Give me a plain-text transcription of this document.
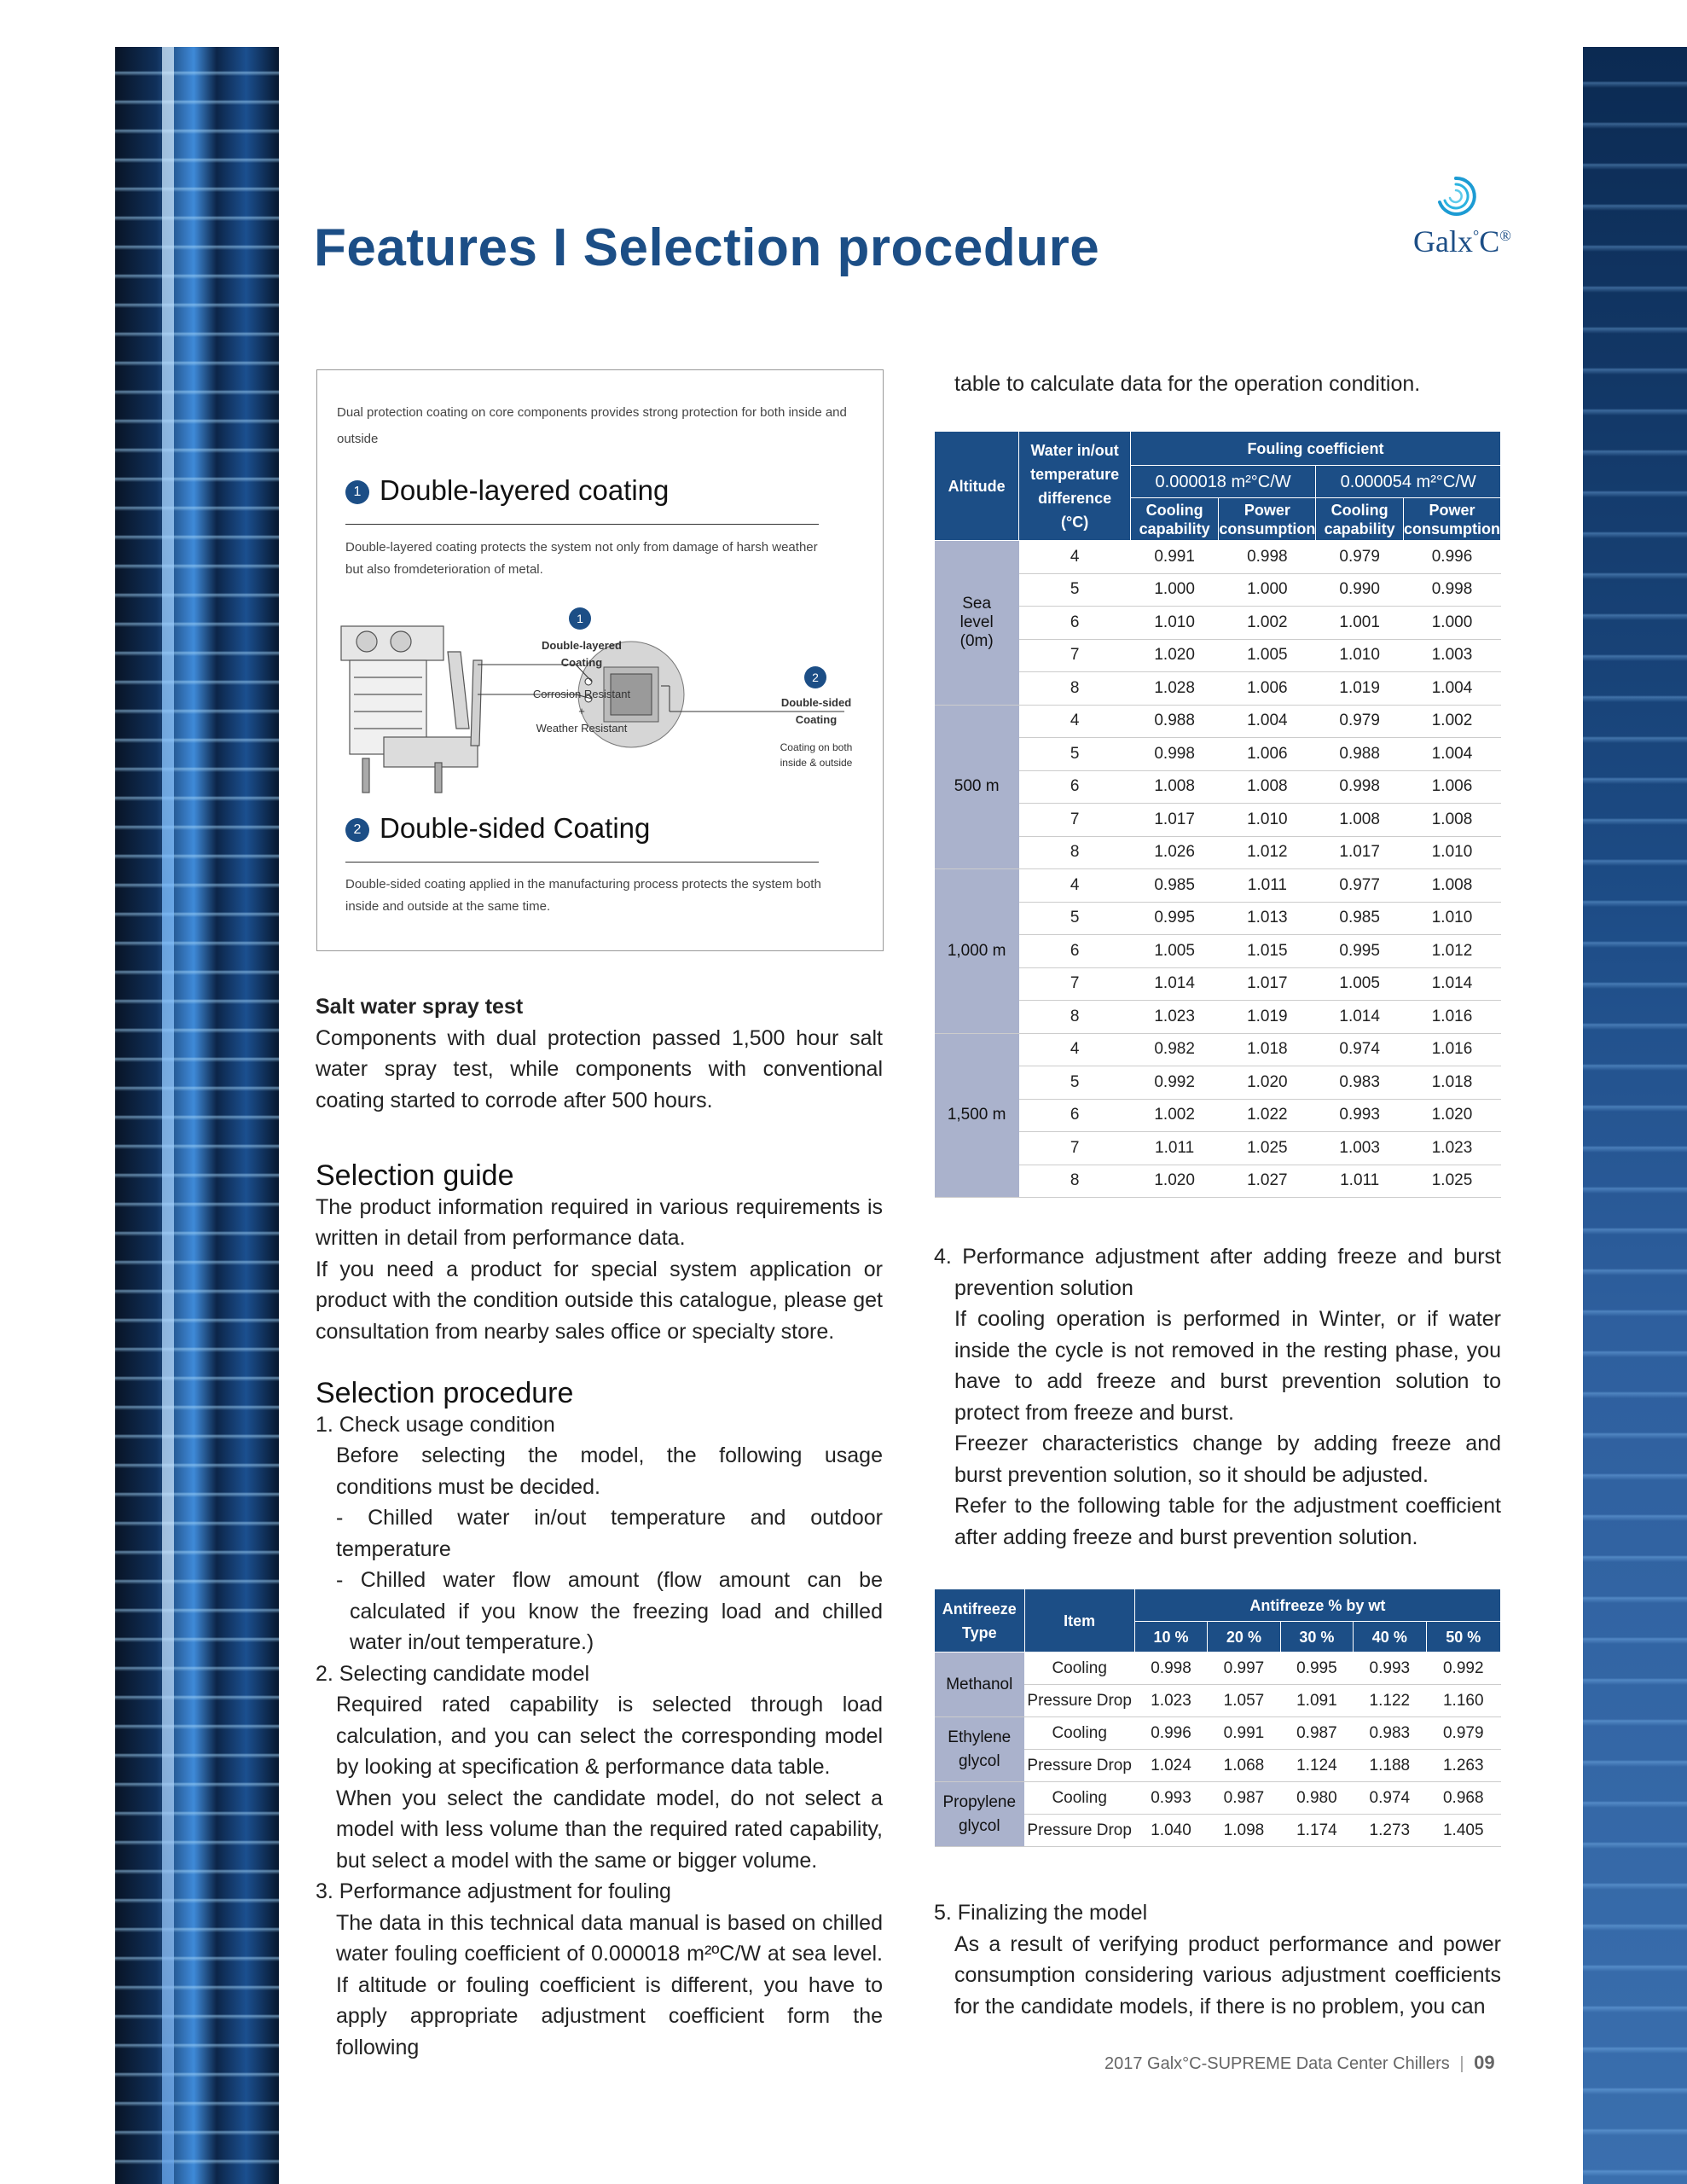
Features I Selection procedure	Galx°C®
Dual protection coating on core components provides strong protection for both inside and outside
1 Double-layered coating
Double-layered coating protects the system not only from damage of harsh weather but also fromdeterioration of metal.
1
Double-layered
Coating
Corrosion Resistant
+
Weather Resistant
2
Double-sided
Coating
Coating on both
inside & outside
2 Double-sided Coating
Double-sided coating applied in the manufacturing process protects the system both inside and outside at the same time.
Salt water spray test
Components with dual protection passed 1,500 hour salt water spray test, while components with conventional coating started to corrode after 500 hours.
Selection guide
The product information required in various requirements is written in detail from performance data.
If you need a product for special system application or product with the condition outside this catalogue, please get consultation from nearby sales office or specialty store.
Selection procedure
1. Check usage condition
Before selecting the model, the following usage conditions must be decided.
- Chilled water in/out temperature and outdoor temperature
- Chilled water flow amount (flow amount can be calculated if you know the freezing load and chilled water in/out temperature.)
2. Selecting candidate model
Required rated capability is selected through load calculation, and you can select the corresponding model by looking at specification & performance data table.
When you select the candidate model, do not select a model with less volume than the required rated capability, but select a model with the same or bigger volume.
3. Performance adjustment for fouling
The data in this technical data manual is based on chilled water fouling coefficient of 0.000018 m²ºC/W at sea level. If altitude or fouling coefficient is different, you have to apply appropriate adjustment coefficient form the following
table to calculate data for the operation condition.
Altitude	Water in/out temperature difference (°C)	Fouling coefficient			
		0.000018 m²°C/W		0.000054 m²°C/W	
		Cooling capability	Power consumption	Cooling capability	Power consumption
Sea level (0m)	4	0.991	0.998	0.979	0.996
	5	1.000	1.000	0.990	0.998
	6	1.010	1.002	1.001	1.000
	7	1.020	1.005	1.010	1.003
	8	1.028	1.006	1.019	1.004
500 m	4	0.988	1.004	0.979	1.002
	5	0.998	1.006	0.988	1.004
	6	1.008	1.008	0.998	1.006
	7	1.017	1.010	1.008	1.008
	8	1.026	1.012	1.017	1.010
1,000 m	4	0.985	1.011	0.977	1.008
	5	0.995	1.013	0.985	1.010
	6	1.005	1.015	0.995	1.012
	7	1.014	1.017	1.005	1.014
	8	1.023	1.019	1.014	1.016
1,500 m	4	0.982	1.018	0.974	1.016
	5	0.992	1.020	0.983	1.018
	6	1.002	1.022	0.993	1.020
	7	1.011	1.025	1.003	1.023
	8	1.020	1.027	1.011	1.025
4. Performance adjustment after adding freeze and burst prevention solution
If cooling operation is performed in Winter, or if water inside the cycle is not removed in the resting phase, you have to add freeze and burst prevention solution to protect from freeze and burst.
Freezer characteristics change by adding freeze and burst prevention solution, so it should be adjusted.
Refer to the following table for the adjustment coefficient after adding freeze and burst prevention solution.
Antifreeze Type	Item	Antifreeze % by wt				
		10 %	20 %	30 %	40 %	50 %
Methanol	Cooling	0.998	0.997	0.995	0.993	0.992
	Pressure Drop	1.023	1.057	1.091	1.122	1.160
Ethylene glycol	Cooling	0.996	0.991	0.987	0.983	0.979
	Pressure Drop	1.024	1.068	1.124	1.188	1.263
Propylene glycol	Cooling	0.993	0.987	0.980	0.974	0.968
	Pressure Drop	1.040	1.098	1.174	1.273	1.405
5. Finalizing the model
As a result of verifying product performance and power consumption considering various adjustment coefficients for the candidate models, if there is no problem, you can
2017 Galx°C-SUPREME Data Center Chillers | 09
